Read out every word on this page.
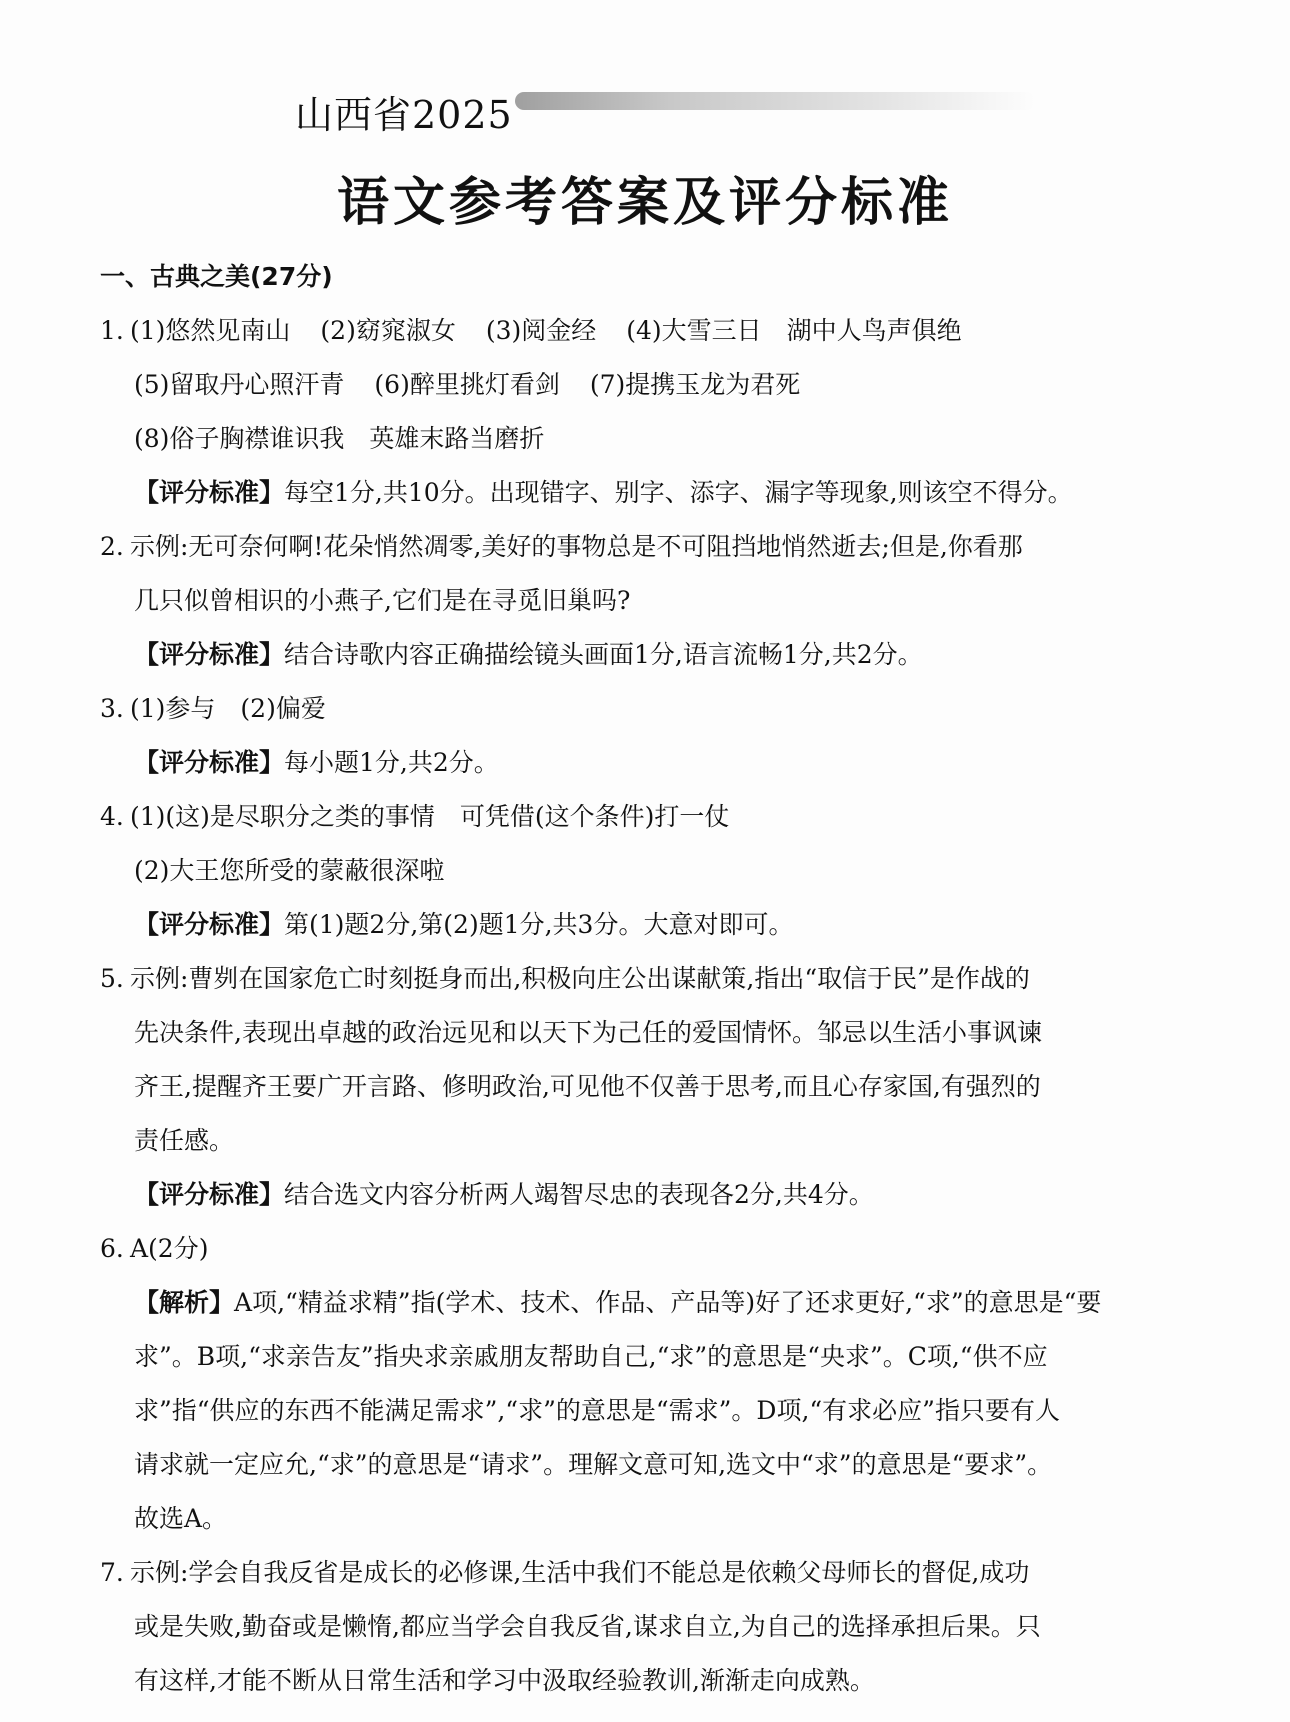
山西省2025
语文参考答案及评分标准
一、古典之美(27分)
1. (1)悠然见南山 (2)窈窕淑女 (3)阅金经 (4)大雪三日　湖中人鸟声俱绝
(5)留取丹心照汗青 (6)醉里挑灯看剑 (7)提携玉龙为君死
(8)俗子胸襟谁识我　英雄末路当磨折
【评分标准】每空1分,共10分。出现错字、别字、添字、漏字等现象,则该空不得分。
2. 示例:无可奈何啊!花朵悄然凋零,美好的事物总是不可阻挡地悄然逝去;但是,你看那
几只似曾相识的小燕子,它们是在寻觅旧巢吗?
【评分标准】结合诗歌内容正确描绘镜头画面1分,语言流畅1分,共2分。
3. (1)参与　(2)偏爱
【评分标准】每小题1分,共2分。
4. (1)(这)是尽职分之类的事情　可凭借(这个条件)打一仗
(2)大王您所受的蒙蔽很深啦
【评分标准】第(1)题2分,第(2)题1分,共3分。大意对即可。
5. 示例:曹刿在国家危亡时刻挺身而出,积极向庄公出谋献策,指出“取信于民”是作战的
先决条件,表现出卓越的政治远见和以天下为己任的爱国情怀。邹忌以生活小事讽谏
齐王,提醒齐王要广开言路、修明政治,可见他不仅善于思考,而且心存家国,有强烈的
责任感。
【评分标准】结合选文内容分析两人竭智尽忠的表现各2分,共4分。
6. A(2分)
【解析】A项,“精益求精”指(学术、技术、作品、产品等)好了还求更好,“求”的意思是“要
求”。B项,“求亲告友”指央求亲戚朋友帮助自己,“求”的意思是“央求”。C项,“供不应
求”指“供应的东西不能满足需求”,“求”的意思是“需求”。D项,“有求必应”指只要有人
请求就一定应允,“求”的意思是“请求”。理解文意可知,选文中“求”的意思是“要求”。
故选A。
7. 示例:学会自我反省是成长的必修课,生活中我们不能总是依赖父母师长的督促,成功
或是失败,勤奋或是懒惰,都应当学会自我反省,谋求自立,为自己的选择承担后果。只
有这样,才能不断从日常生活和学习中汲取经验教训,渐渐走向成熟。
